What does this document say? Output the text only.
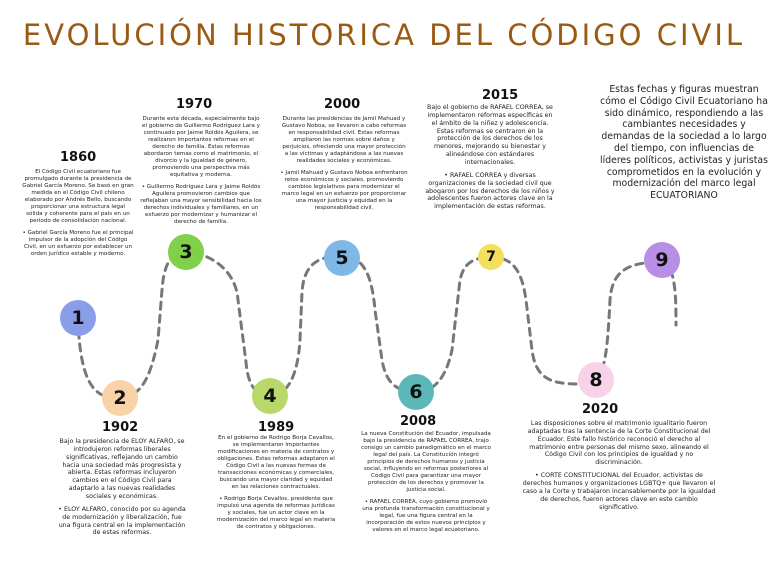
EVOLUCIÓN HISTORICA DEL CÓDIGO CIVIL
1
2
3
4
5
6
7
8
9
1860
1902
1970
1989
2000
2008
2015
2020

El Código Civil ecuatoriano fue promulgado durante la presidencia de Gabriel García Moreno. Se basó en gran medida en el Código Civil chileno elaborado por Andrés Bello, buscando proporcionar una estructura legal sólida y coherente para el país en un período de consolidación nacional.

• Gabriel García Moreno fue el principal impulsor de la adopción del Código Civil, en un esfuerzo por establecer un orden jurídico estable y moderno.

Bajo la presidencia de ELOY ALFARO, se introdujeron reformas liberales significativas, reflejando un cambio hacia una sociedad más progresista y abierta. Estas reformas incluyeron cambios en el Código Civil para adaptarlo a las nuevas realidades sociales y económicas.

• ELOY ALFARO, conocido por su agenda de modernización y liberalización, fue una figura central en la implementación de estas reformas.

Durante esta década, especialmente bajo el gobierno de Guillermo Rodríguez Lara y continuado por Jaime Roldós Aguilera, se realizaron importantes reformas en el derecho de familia. Estas reformas abordaron temas como el matrimonio, el divorcio y la igualdad de género, promoviendo una perspectiva más equitativa y moderna.

• Guillermo Rodríguez Lara y Jaime Roldós Aguilera promovieron cambios que reflejaban una mayor sensibilidad hacia los derechos individuales y familiares, en un esfuerzo por modernizar y humanizar el derecho de familia.

En el gobierno de Rodrigo Borja Cevallos, se implementaron importantes modificaciones en materia de contratos y obligaciones. Estas reformas adaptaron el Código Civil a las nuevas formas de transacciones económicas y comerciales, buscando una mayor claridad y equidad en las relaciones contractuales.

• Rodrigo Borja Cevallos, presidente que impulsó una agenda de reformas jurídicas y sociales, fue un actor clave en la modernización del marco legal en materia de contratos y obligaciones.

Durante las presidencias de Jamil Mahuad y Gustavo Noboa, se llevaron a cabo reformas en responsabilidad civil. Estas reformas ampliaron las normas sobre daños y perjuicios, ofreciendo una mayor protección a las víctimas y adaptándose a las nuevas realidades sociales y económicas.

• Jamil Mahuad y Gustavo Noboa enfrentaron retos económicos y sociales, promoviendo cambios legislativos para modernizar el marco legal en un esfuerzo por proporcionar una mayor justicia y equidad en la responsabilidad civil.

La nueva Constitución del Ecuador, impulsada bajo la presidencia de RAFAEL CORREA, trajo consigo un cambio paradigmático en el marco legal del país. La Constitución integró principios de derechos humanos y justicia social, influyendo en reformas posteriores al Código Civil para garantizar una mayor protección de los derechos y promover la justicia social.

• RAFAEL CORREA, cuyo gobierno promovió una profunda transformación constitucional y legal, fue una figura central en la incorporación de estos nuevos principios y valores en el marco legal ecuatoriano.

Bajo el gobierno de RAFAEL CORREA, se implementaron reformas específicas en el ámbito de la niñez y adolescencia. Estas reformas se centraron en la protección de los derechos de los menores, mejorando su bienestar y alineándose con estándares internacionales.

• RAFAEL CORREA y diversas organizaciones de la sociedad civil que abogaron por los derechos de los niños y adolescentes fueron actores clave en la implementación de estas reformas.

Las disposiciones sobre el matrimonio igualitario fueron adaptadas tras la sentencia de la Corte Constitucional del Ecuador. Este fallo histórico reconoció el derecho al matrimonio entre personas del mismo sexo, alineando el Código Civil con los principios de igualdad y no discriminación.

• CORTE CONSTITUCIONAL del Ecuador, activistas de derechos humanos y organizaciones LGBTQ+ que llevaron el caso a la Corte y trabajaron incansablemente por la igualdad de derechos, fueron actores clave en este cambio significativo.

Estas fechas y figuras muestran cómo el Código Civil Ecuatoriano ha sido dinámico, respondiendo a las cambiantes necesidades y demandas de la sociedad a lo largo del tiempo, con influencias de líderes políticos, activistas y juristas comprometidos en la evolución y modernización del marco legal ECUATORIANO
